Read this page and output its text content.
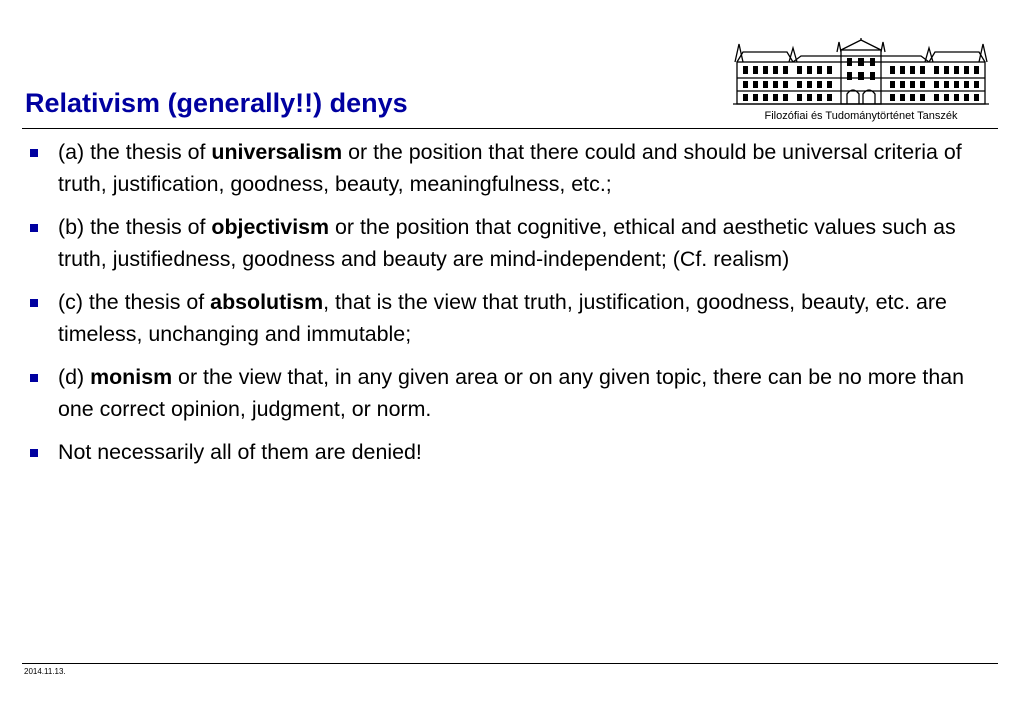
Relativism (generally!!) denys	Filozófiai és Tudománytörténet Tanszék
(a) the thesis of universalism or the position that there could and should be universal criteria of truth, justification, goodness, beauty, meaningfulness, etc.;
(b) the thesis of objectivism or the position that cognitive, ethical and aesthetic values such as truth, justifiedness, goodness and beauty are mind-independent; (Cf. realism)
(c) the thesis of absolutism, that is the view that truth, justification, goodness, beauty, etc. are timeless, unchanging and immutable;
(d) monism or the view that, in any given area or on any given topic, there can be no more than one correct opinion, judgment, or norm.
Not necessarily all of them are denied!
2014.11.13.
